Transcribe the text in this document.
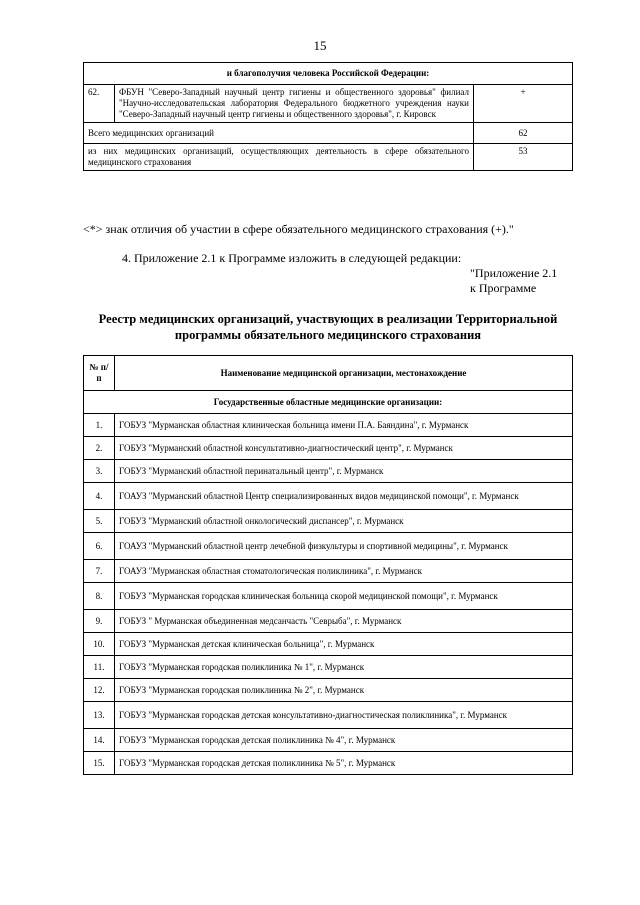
15
и благополучия человека Российской Федерации:		
62.	ФБУН "Северо-Западный научный центр гигиены и общественного здоровья" филиал "Научно-исследовательская лаборатория Федерального бюджетного учреждения науки "Северо-Западный научный центр гигиены и общественного здоровья", г. Кировск	+
Всего медицинских организаций		62
из них медицинских организаций, осуществляющих деятельность в сфере обязательного медицинского страхования		53
<*> знак отличия об участии в сфере обязательного медицинского страхования (+)."
4. Приложение 2.1 к Программе изложить в следующей редакции:
"Приложение 2.1
к Программе
Реестр медицинских организаций, участвующих в реализации Территориальной программы обязательного медицинского страхования
№ п/п	Наименование медицинской организации, местонахождение
Государственные областные медицинские организации:	
1.	ГОБУЗ "Мурманская областная клиническая больница имени П.А. Баяндина", г. Мурманск
2.	ГОБУЗ "Мурманский областной консультативно-диагностический центр", г. Мурманск
3.	ГОБУЗ "Мурманский областной перинатальный центр", г. Мурманск
4.	ГОАУЗ "Мурманский областной Центр специализированных видов медицинской помощи", г. Мурманск
5.	ГОБУЗ "Мурманский областной онкологический диспансер", г. Мурманск
6.	ГОАУЗ "Мурманский областной центр лечебной физкультуры и спортивной медицины", г. Мурманск
7.	ГОАУЗ "Мурманская областная стоматологическая поликлиника", г. Мурманск
8.	ГОБУЗ "Мурманская городская клиническая больница скорой медицинской помощи", г. Мурманск
9.	ГОБУЗ " Мурманская объединенная медсанчасть "Севрыба", г. Мурманск
10.	ГОБУЗ "Мурманская детская клиническая больница", г. Мурманск
11.	ГОБУЗ "Мурманская городская поликлиника № 1", г. Мурманск
12.	ГОБУЗ "Мурманская городская поликлиника № 2", г. Мурманск
13.	ГОБУЗ "Мурманская городская детская консультативно-диагностическая поликлиника", г. Мурманск
14.	ГОБУЗ "Мурманская городская детская поликлиника № 4", г. Мурманск
15.	ГОБУЗ "Мурманская городская детская поликлиника № 5", г. Мурманск
